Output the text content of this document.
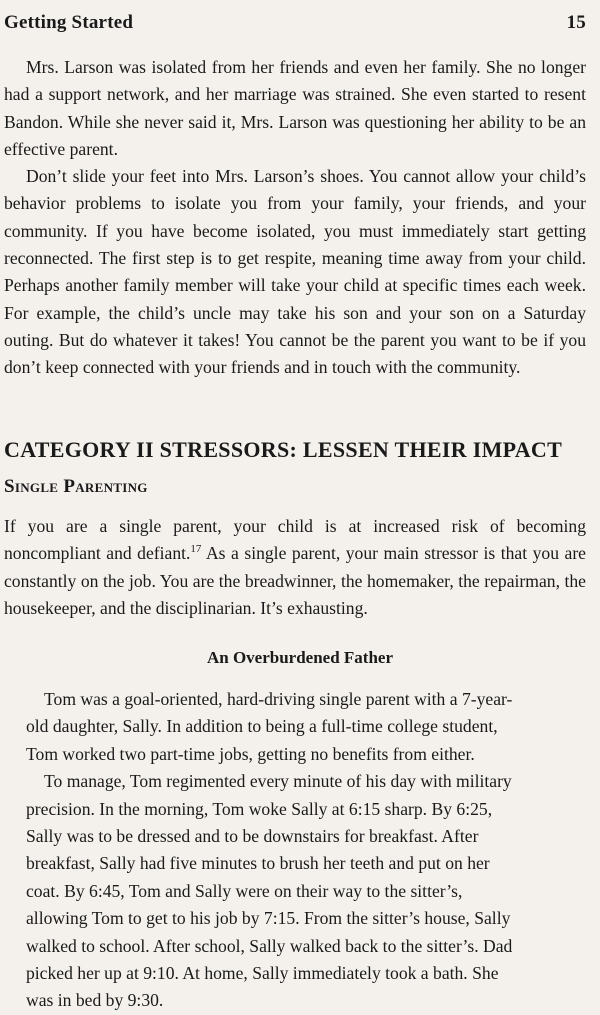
Getting Started	15

Mrs. Larson was isolated from her friends and even her family. She no longer had a support network, and her marriage was strained. She even started to resent Bandon. While she never said it, Mrs. Larson was questioning her ability to be an effective parent.

Don’t slide your feet into Mrs. Larson’s shoes. You cannot allow your child’s behavior problems to isolate you from your family, your friends, and your community. If you have become isolated, you must immediately start getting reconnected. The first step is to get respite, meaning time away from your child. Perhaps another family member will take your child at specific times each week. For example, the child’s uncle may take his son and your son on a Saturday outing. But do whatever it takes! You cannot be the parent you want to be if you don’t keep connected with your friends and in touch with the community.

CATEGORY II STRESSORS: LESSEN THEIR IMPACT
Single Parenting

If you are a single parent, your child is at increased risk of becoming noncompliant and defiant.$^{17}$ As a single parent, your main stressor is that you are constantly on the job. You are the breadwinner, the homemaker, the repairman, the housekeeper, and the disciplinarian. It’s exhausting.

An Overburdened Father

Tom was a goal-oriented, hard-driving single parent with a 7-year-old daughter, Sally. In addition to being a full-time college student, Tom worked two part-time jobs, getting no benefits from either.

To manage, Tom regimented every minute of his day with military precision. In the morning, Tom woke Sally at 6:15 sharp. By 6:25, Sally was to be dressed and to be downstairs for breakfast. After breakfast, Sally had five minutes to brush her teeth and put on her coat. By 6:45, Tom and Sally were on their way to the sitter’s, allowing Tom to get to his job by 7:15. From the sitter’s house, Sally walked to school. After school, Sally walked back to the sitter’s. Dad picked her up at 9:10. At home, Sally immediately took a bath. She was in bed by 9:30.
